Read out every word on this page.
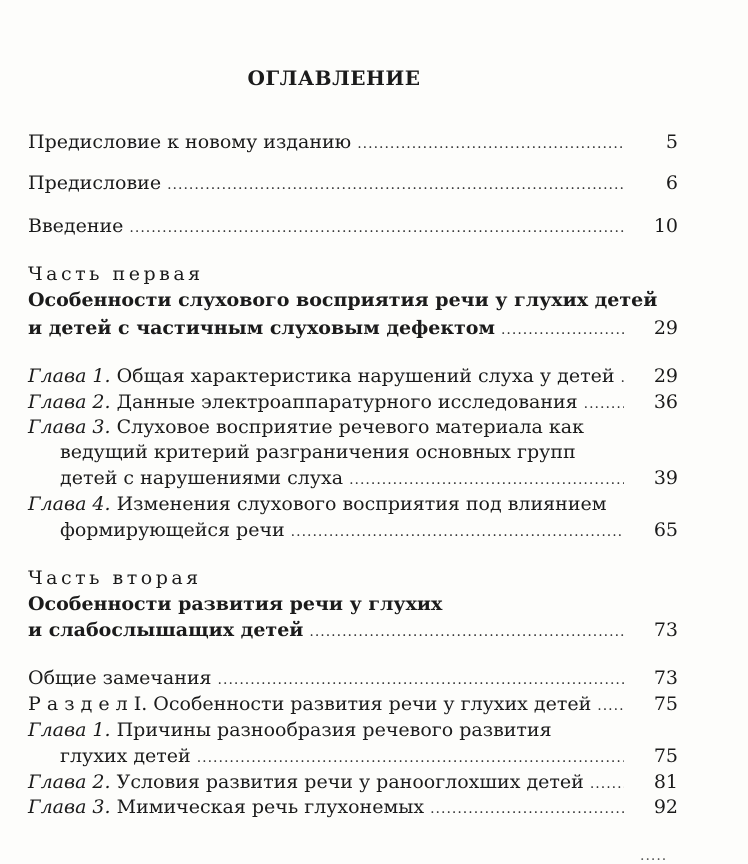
ОГЛАВЛЕНИЕ
Предисловие к новому изданию .....	5
Предисловие .....	6
Введение .....	10
Часть первая
Особенности слухового восприятия речи у глухих детей
и детей с частичным слуховым дефектом .....	29
Глава 1. Общая характеристика нарушений слуха у детей .....	29
Глава 2. Данные электроаппаратурного исследования .....	36
Глава 3. Слуховое восприятие речевого материала как
ведущий критерий разграничения основных групп
детей с нарушениями слуха .....	39
Глава 4. Изменения слухового восприятия под влиянием
формирующейся речи .....	65
Часть вторая
Особенности развития речи у глухих
и слабослышащих детей .....	73
Общие замечания .....	73
Р а з д е л I. Особенности развития речи у глухих детей .....	75
Глава 1. Причины разнообразия речевого развития
глухих детей .....	75
Глава 2. Условия развития речи у ранооглохших детей .....	81
Глава 3. Мимическая речь глухонемых .....	92
.....
